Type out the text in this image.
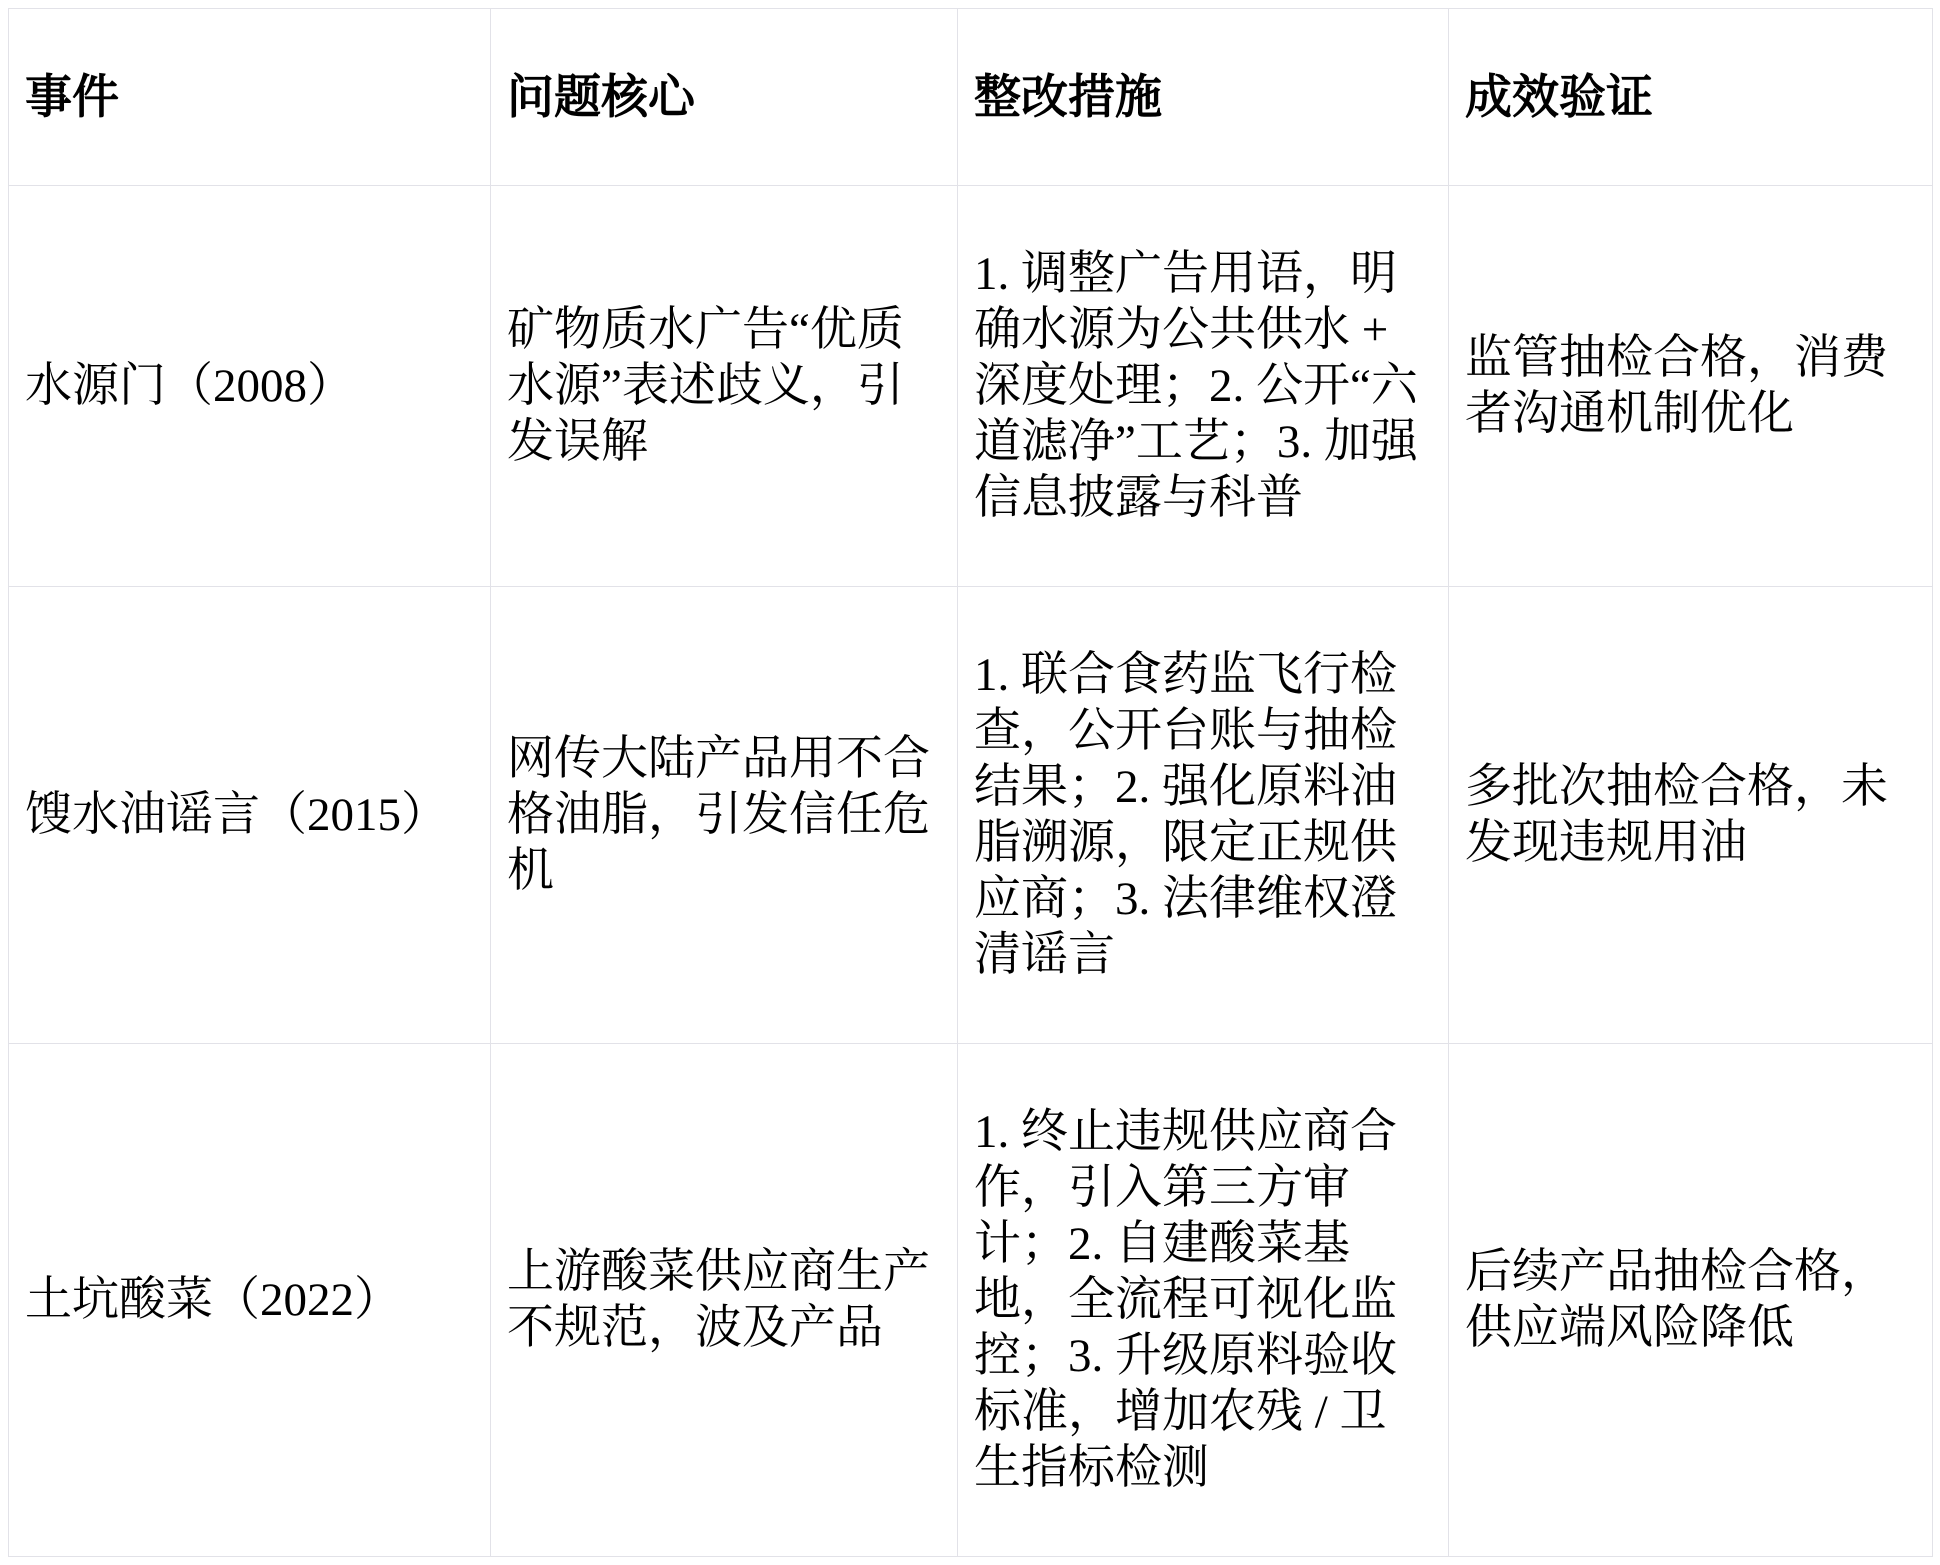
事件	问题核心	整改措施	成效验证
水源门（2008）	矿物质水广告“优质水源”表述歧义，引发误解	1. 调整广告用语，明确水源为公共供水 + 深度处理；2. 公开“六道滤净”工艺；3. 加强信息披露与科普	监管抽检合格，消费者沟通机制优化
馊水油谣言（2015）	网传大陆产品用不合格油脂，引发信任危机	1. 联合食药监飞行检查，公开台账与抽检结果；2. 强化原料油脂溯源，限定正规供应商；3. 法律维权澄清谣言	多批次抽检合格，未发现违规用油
土坑酸菜（2022）	上游酸菜供应商生产不规范，波及产品	1. 终止违规供应商合作，引入第三方审计；2. 自建酸菜基地，全流程可视化监控；3. 升级原料验收标准，增加农残 / 卫生指标检测	后续产品抽检合格，供应端风险降低
